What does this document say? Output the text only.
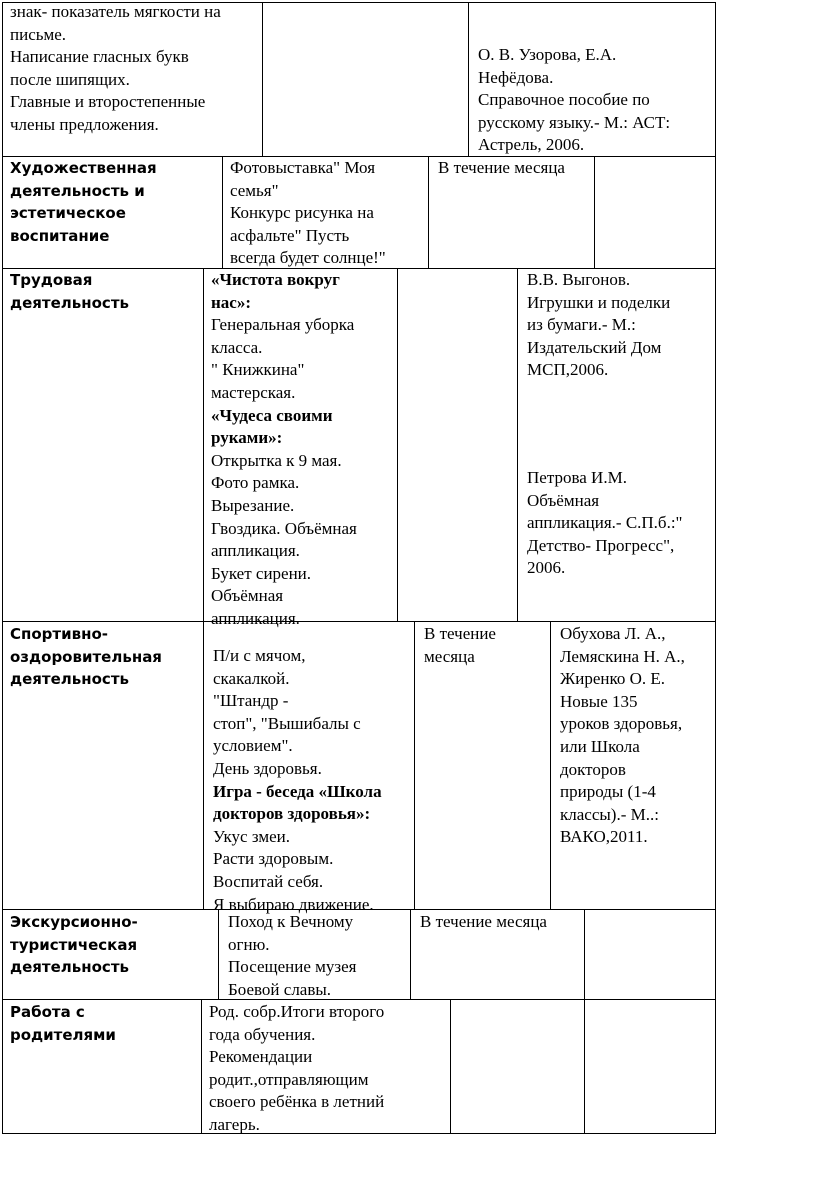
знак- показатель мягкости на
письме.
Написание гласных букв
после шипящих.
Главные и второстепенные
члены предложения.
О. В. Узорова, Е.А.
Нефёдова.
Справочное пособие по
русскому языку.- М.: АСТ:
Астрель, 2006.
Художественная
деятельность и
эстетическое
воспитание
Фотовыставка" Моя
семья"
Конкурс рисунка на
асфальте" Пусть
всегда будет солнце!"
В течение месяца
Трудовая
деятельность
«Чистота вокруг
нас»:
Генеральная уборка
класса.
" Книжкина"
мастерская.
«Чудеса своими
руками»:
Открытка к 9 мая.
Фото рамка.
Вырезание.
Гвоздика. Объёмная
аппликация.
Букет сирени.
Объёмная
аппликация.
В.В. Выгонов.
Игрушки и поделки
из бумаги.- М.:
Издательский Дом
МСП,2006.
Петрова И.М.
Объёмная
аппликация.- С.П.б.:"
Детство- Прогресс",
2006.
Спортивно-
оздоровительная
деятельность
П/и с мячом,
скакалкой.
"Штандр -
стоп", "Вышибалы с
условием".
День здоровья.
Игра - беседа «Школа
докторов здоровья»:
Укус змеи.
Расти здоровым.
Воспитай себя.
Я выбираю движение.
В течение
месяца
Обухова Л. А.,
Лемяскина Н. А.,
Жиренко О. Е.
Новые 135
уроков здоровья,
или Школа
докторов
природы (1-4
классы).- М..:
ВАКО,2011.
Экскурсионно-
туристическая
деятельность
Поход к Вечному
огню.
Посещение музея
Боевой славы.
В течение месяца
Работа с
родителями
Род. собр.Итоги второго
года обучения.
Рекомендации
родит.,отправляющим
своего ребёнка в летний
лагерь.
